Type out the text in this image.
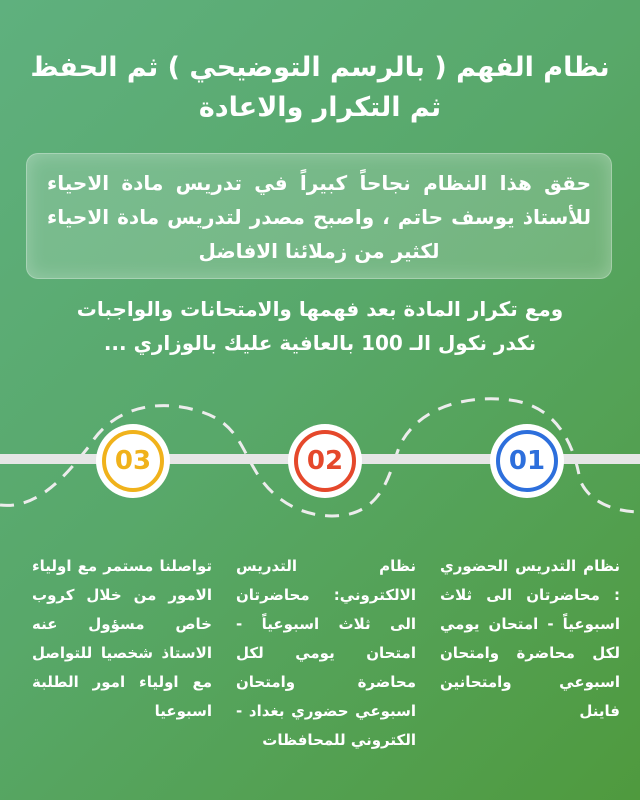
نظام الفهم ( بالرسم التوضيحي ) ثم الحفظ
ثم التكرار والاعادة
حقق هذا النظام نجاحاً كبيراً في تدريس مادة الاحياء للأستاذ يوسف حاتم ، واصبح مصدر لتدريس مادة الاحياء لكثير من زملائنا الافاضل
ومع تكرار المادة بعد فهمها والامتحانات والواجبات
نكدر نكول الـ 100 بالعافية عليك بالوزاري ...
01
02
03
نظام التدريس الحضوري : محاضرتان الى ثلاث اسبوعياً - امتحان يومي لكل محاضرة وامتحان اسبوعي وامتحانين فاينل
نظام التدريس الالكتروني: محاضرتان الى ثلاث اسبوعياً - امتحان يومي لكل محاضرة وامتحان اسبوعي حضوري بغداد - الكتروني للمحافظات
تواصلنا مستمر مع اولياء الامور من خلال كروب خاص مسؤول عنه الاستاذ شخصيا للتواصل مع اولياء امور الطلبة اسبوعيا
